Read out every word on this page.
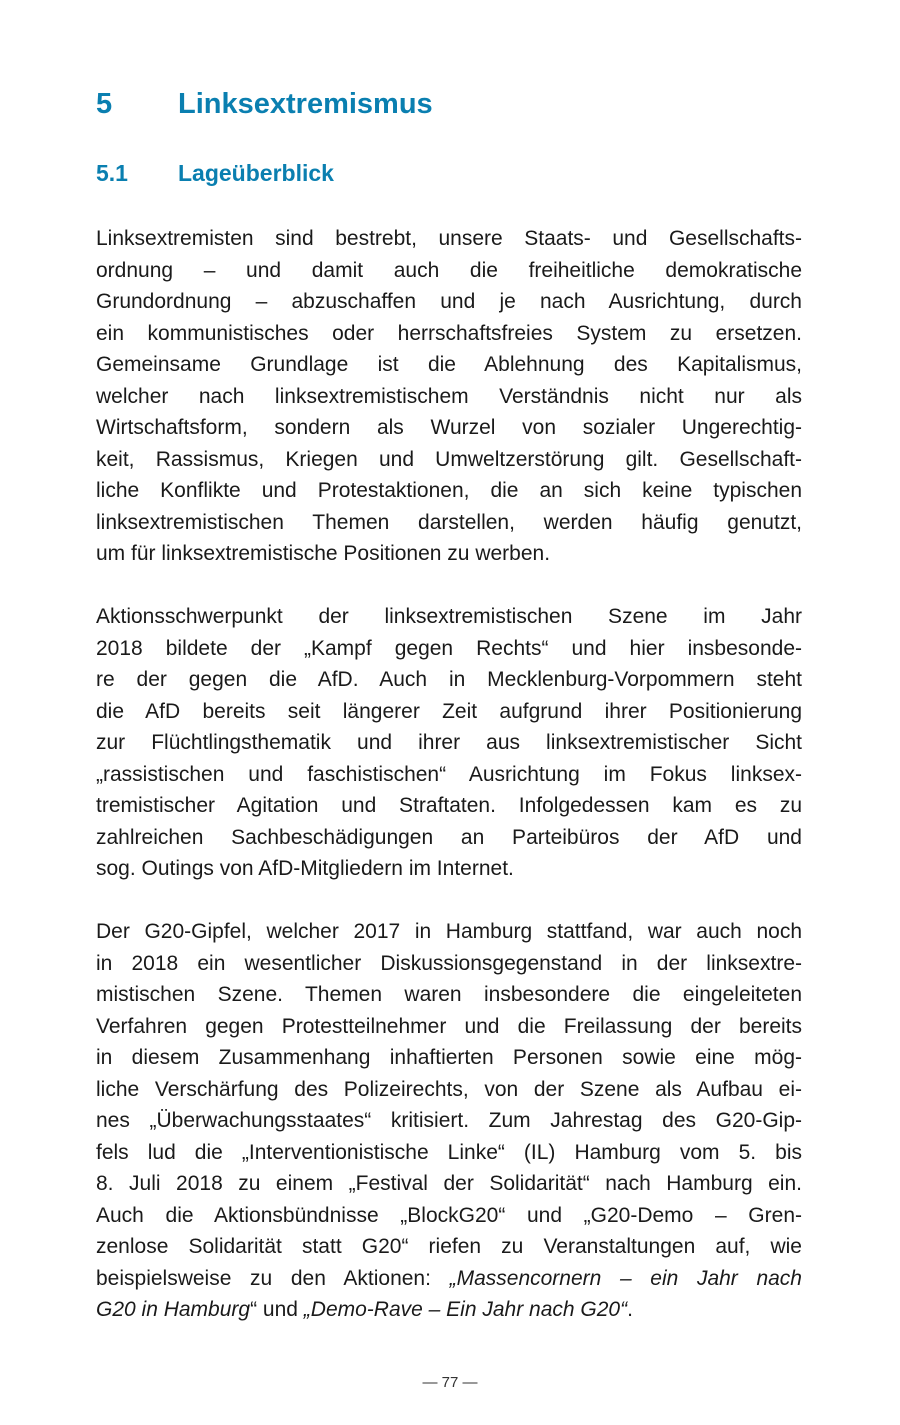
5 Linksextremismus
5.1 Lageüberblick
Linksextremisten sind bestrebt, unsere Staats- und Gesellschafts-
ordnung – und damit auch die freiheitliche demokratische
Grundordnung – abzuschaffen und je nach Ausrichtung, durch
ein kommunistisches oder herrschaftsfreies System zu ersetzen.
Gemeinsame Grundlage ist die Ablehnung des Kapitalismus,
welcher nach linksextremistischem Verständnis nicht nur als
Wirtschaftsform, sondern als Wurzel von sozialer Ungerechtig-
keit, Rassismus, Kriegen und Umweltzerstörung gilt. Gesellschaft-
liche Konflikte und Protestaktionen, die an sich keine typischen
linksextremistischen Themen darstellen, werden häufig genutzt,
um für linksextremistische Positionen zu werben.
Aktionsschwerpunkt der linksextremistischen Szene im Jahr
2018 bildete der „Kampf gegen Rechts“ und hier insbesonde-
re der gegen die AfD. Auch in Mecklenburg-Vorpommern steht
die AfD bereits seit längerer Zeit aufgrund ihrer Positionierung
zur Flüchtlingsthematik und ihrer aus linksextremistischer Sicht
„rassistischen und faschistischen“ Ausrichtung im Fokus linksex-
tremistischer Agitation und Straftaten. Infolgedessen kam es zu
zahlreichen Sachbeschädigungen an Parteibüros der AfD und
sog. Outings von AfD-Mitgliedern im Internet.
Der G20-Gipfel, welcher 2017 in Hamburg stattfand, war auch noch
in 2018 ein wesentlicher Diskussionsgegenstand in der linksextre-
mistischen Szene. Themen waren insbesondere die eingeleiteten
Verfahren gegen Protestteilnehmer und die Freilassung der bereits
in diesem Zusammenhang inhaftierten Personen sowie eine mög-
liche Verschärfung des Polizeirechts, von der Szene als Aufbau ei-
nes „Überwachungsstaates“ kritisiert. Zum Jahrestag des G20-Gip-
fels lud die „Interventionistische Linke“ (IL) Hamburg vom 5. bis
8. Juli 2018 zu einem „Festival der Solidarität“ nach Hamburg ein.
Auch die Aktionsbündnisse „BlockG20“ und „G20-Demo – Gren-
zenlose Solidarität statt G20“ riefen zu Veranstaltungen auf, wie
beispielsweise zu den Aktionen: „Massencornern – ein Jahr nach
G20 in Hamburg“ und „Demo-Rave – Ein Jahr nach G20“.
— 77 —
